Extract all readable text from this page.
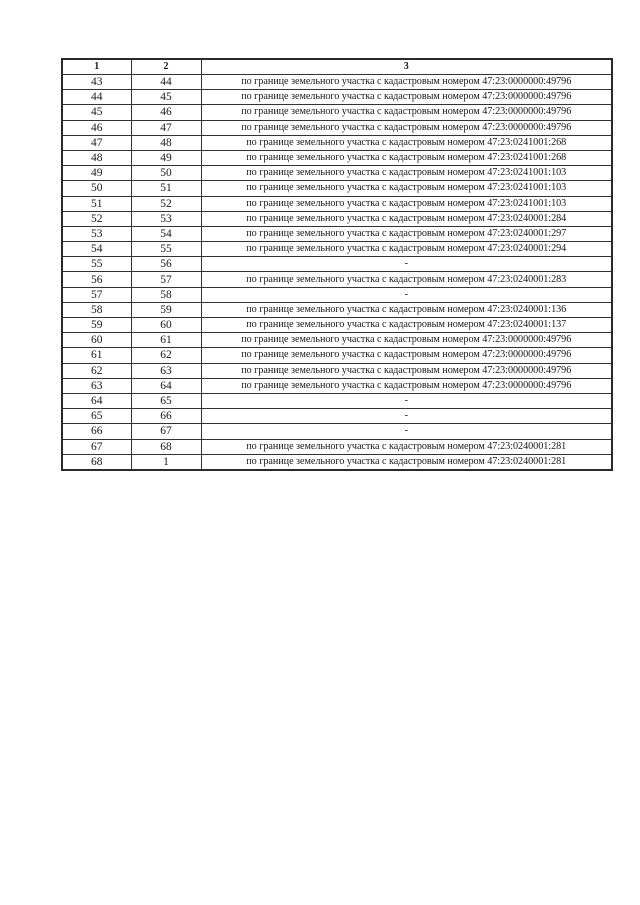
1	2	3
43	44	по границе земельного участка с кадастровым номером 47:23:0000000:49796
44	45	по границе земельного участка с кадастровым номером 47:23:0000000:49796
45	46	по границе земельного участка с кадастровым номером 47:23:0000000:49796
46	47	по границе земельного участка с кадастровым номером 47:23:0000000:49796
47	48	по границе земельного участка с кадастровым номером 47:23:0241001:268
48	49	по границе земельного участка с кадастровым номером 47:23:0241001:268
49	50	по границе земельного участка с кадастровым номером 47:23:0241001:103
50	51	по границе земельного участка с кадастровым номером 47:23:0241001:103
51	52	по границе земельного участка с кадастровым номером 47:23:0241001:103
52	53	по границе земельного участка с кадастровым номером 47:23:0240001:284
53	54	по границе земельного участка с кадастровым номером 47:23:0240001:297
54	55	по границе земельного участка с кадастровым номером 47:23:0240001:294
55	56	-
56	57	по границе земельного участка с кадастровым номером 47:23:0240001:283
57	58	-
58	59	по границе земельного участка с кадастровым номером 47:23:0240001:136
59	60	по границе земельного участка с кадастровым номером 47:23:0240001:137
60	61	по границе земельного участка с кадастровым номером 47:23:0000000:49796
61	62	по границе земельного участка с кадастровым номером 47:23:0000000:49796
62	63	по границе земельного участка с кадастровым номером 47:23:0000000:49796
63	64	по границе земельного участка с кадастровым номером 47:23:0000000:49796
64	65	-
65	66	-
66	67	-
67	68	по границе земельного участка с кадастровым номером 47:23:0240001:281
68	1	по границе земельного участка с кадастровым номером 47:23:0240001:281
